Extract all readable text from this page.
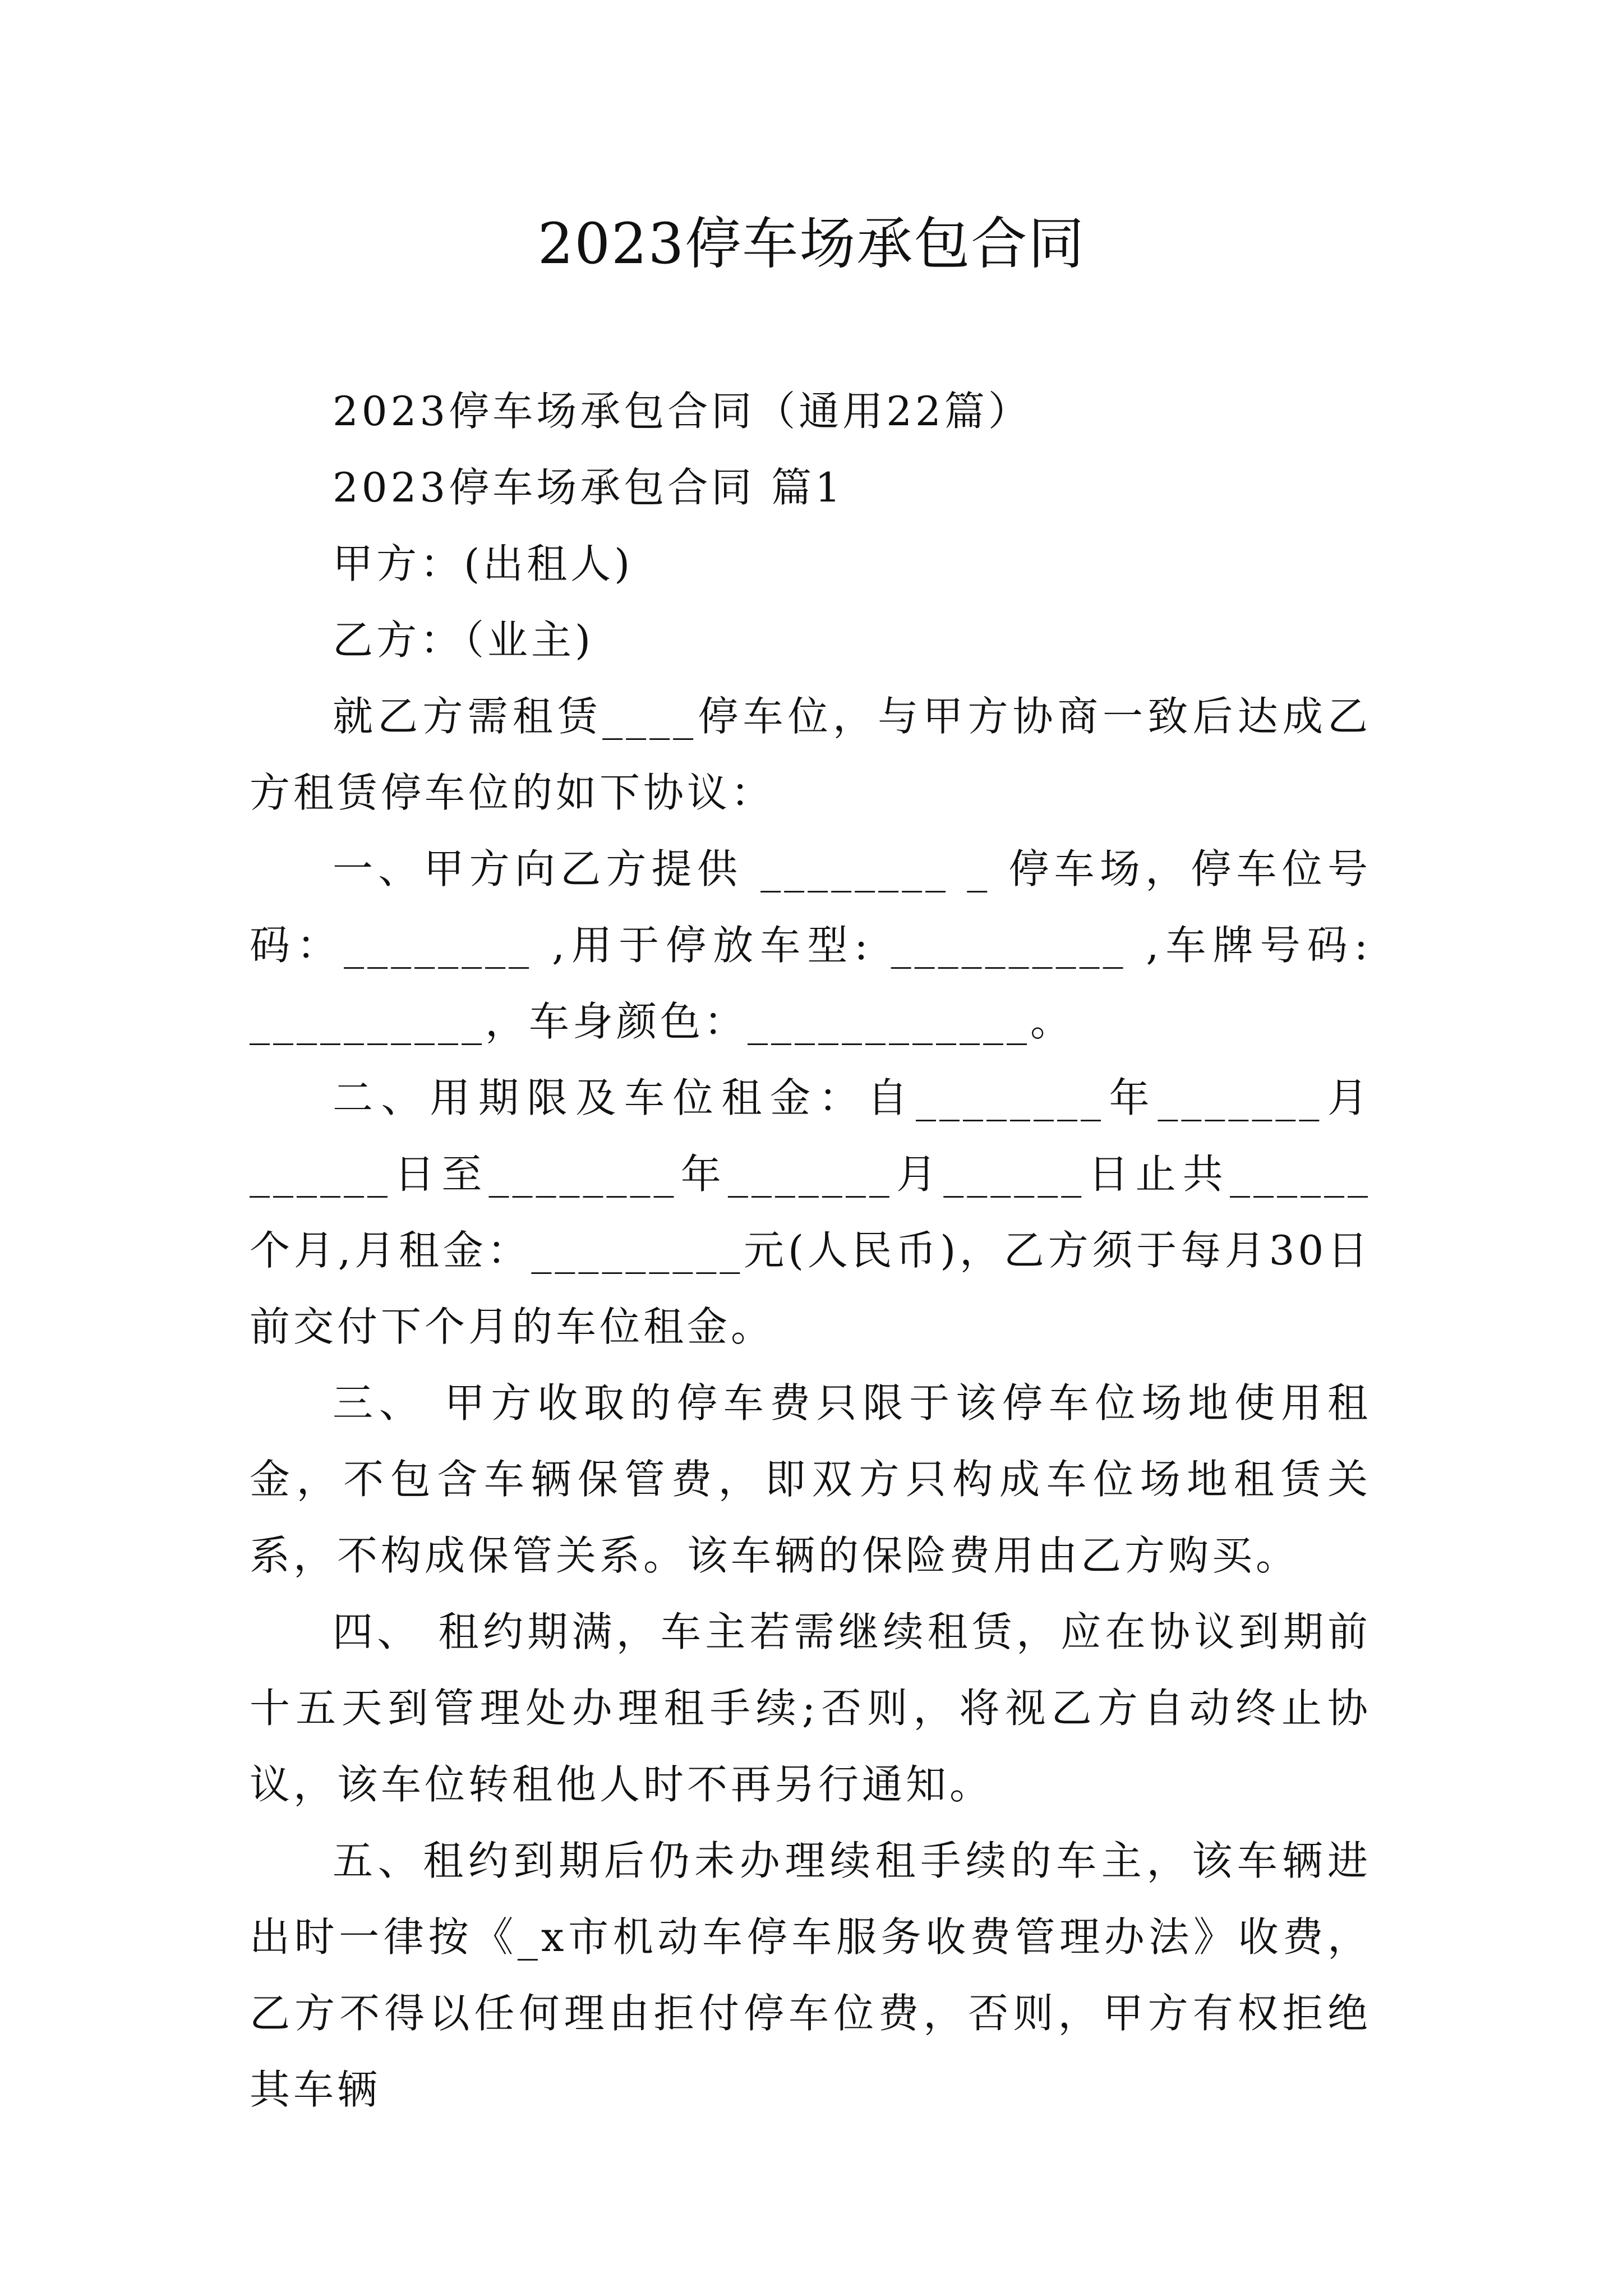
2023停车场承包合同

2023停车场承包合同（通用22篇）

2023停车场承包合同 篇1

甲方：(出租人)

乙方：（业主)

就乙方需租赁____停车位，与甲方协商一致后达成乙方租赁停车位的如下协议：

一、甲方向乙方提供 ________ _ 停车场，停车位号码：________ ,用于停放车型: __________ ,车牌号码: __________，车身颜色：____________。

二、用期限及车位租金：自________年_______月______日至________年_______月______日止共______个月,月租金：_________元(人民币)，乙方须于每月30日前交付下个月的车位租金。

三、 甲方收取的停车费只限于该停车位场地使用租金，不包含车辆保管费，即双方只构成车位场地租赁关系，不构成保管关系。该车辆的保险费用由乙方购买。

四、 租约期满，车主若需继续租赁，应在协议到期前十五天到管理处办理租手续;否则，将视乙方自动终止协议，该车位转租他人时不再另行通知。

五、租约到期后仍未办理续租手续的车主，该车辆进出时一律按《_x市机动车停车服务收费管理办法》收费，乙方不得以任何理由拒付停车位费，否则，甲方有权拒绝其车辆
